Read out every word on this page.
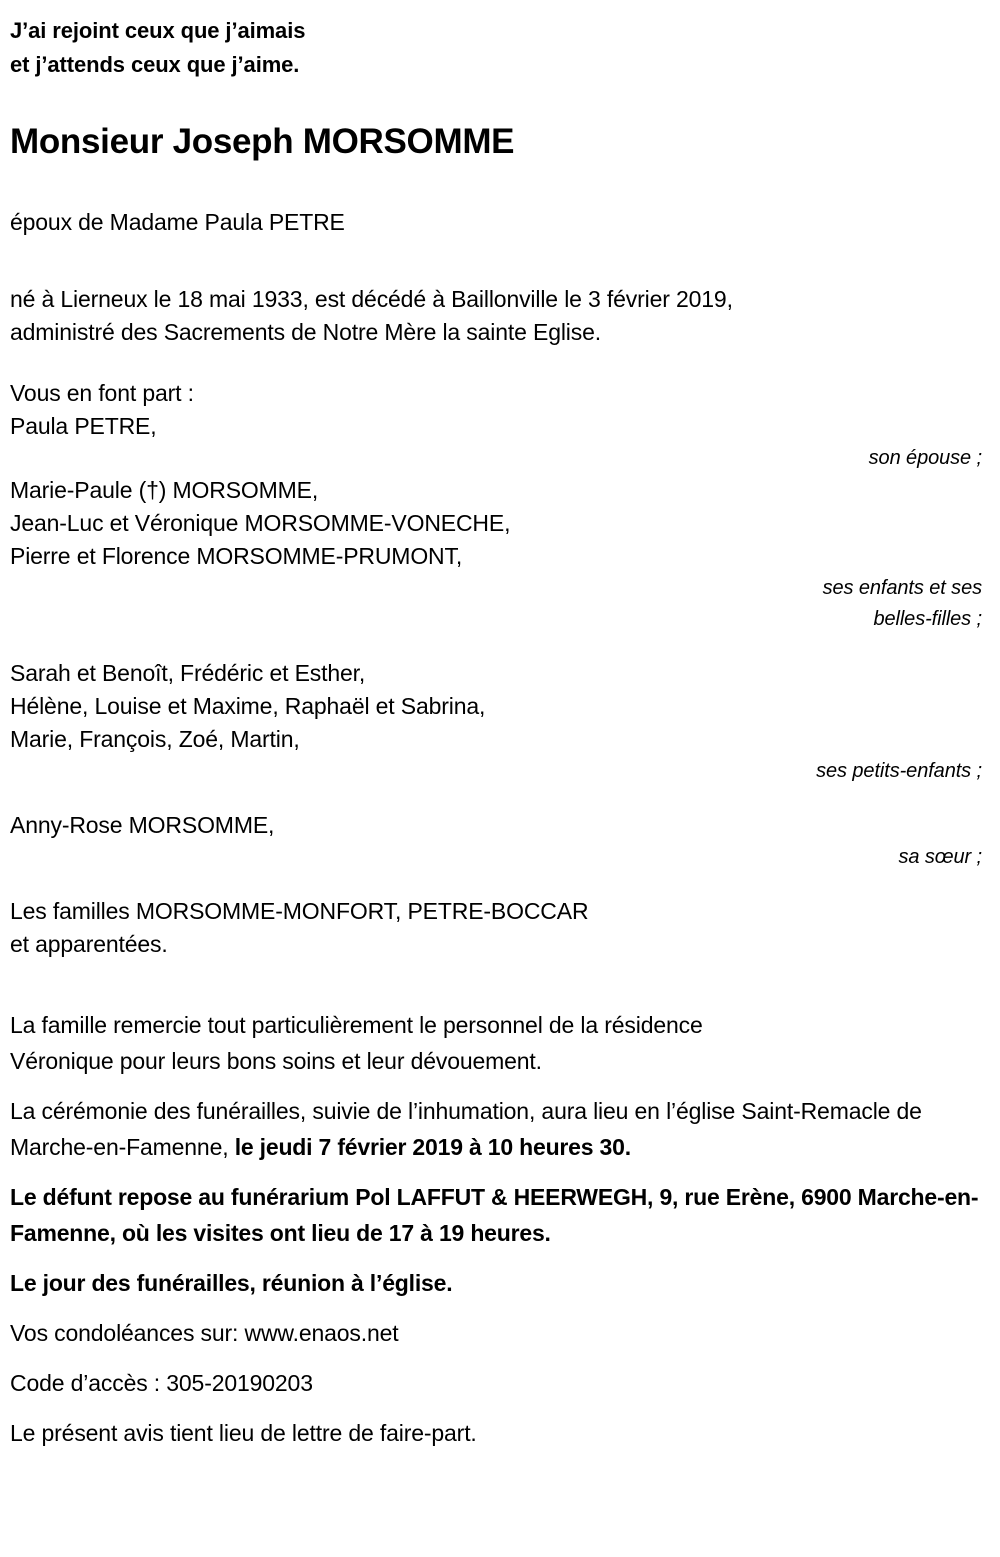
J’ai rejoint ceux que j’aimais
et j’attends ceux que j’aime.
Monsieur Joseph MORSOMME

époux de Madame Paula PETRE

né à Lierneux le 18 mai 1933, est décédé à Baillonville le 3 février 2019,
administré des Sacrements de Notre Mère la sainte Eglise.
Vous en font part :
Paula PETRE,
son épouse ;
Marie-Paule (†) MORSOMME,
Jean-Luc et Véronique MORSOMME-VONECHE,
Pierre et Florence MORSOMME-PRUMONT,
ses enfants et ses
belles-filles ;
Sarah et Benoît, Frédéric et Esther,
Hélène, Louise et Maxime, Raphaël et Sabrina,
Marie, François, Zoé, Martin,
ses petits-enfants ;
Anny-Rose MORSOMME,
sa sœur ;
Les familles MORSOMME-MONFORT, PETRE-BOCCAR
et apparentées.

La famille remercie tout particulièrement le personnel de la résidence
Véronique pour leurs bons soins et leur dévouement.

La cérémonie des funérailles, suivie de l’inhumation, aura lieu en l’église Saint-Remacle de Marche-en-Famenne, le jeudi 7 février 2019 à 10 heures 30.

Le défunt repose au funérarium Pol LAFFUT & HEERWEGH, 9, rue Erène, 6900 Marche-en-Famenne, où les visites ont lieu de 17 à 19 heures.

Le jour des funérailles, réunion à l’église.

Vos condoléances sur: www.enaos.net

Code d’accès : 305-20190203

Le présent avis tient lieu de lettre de faire-part.
